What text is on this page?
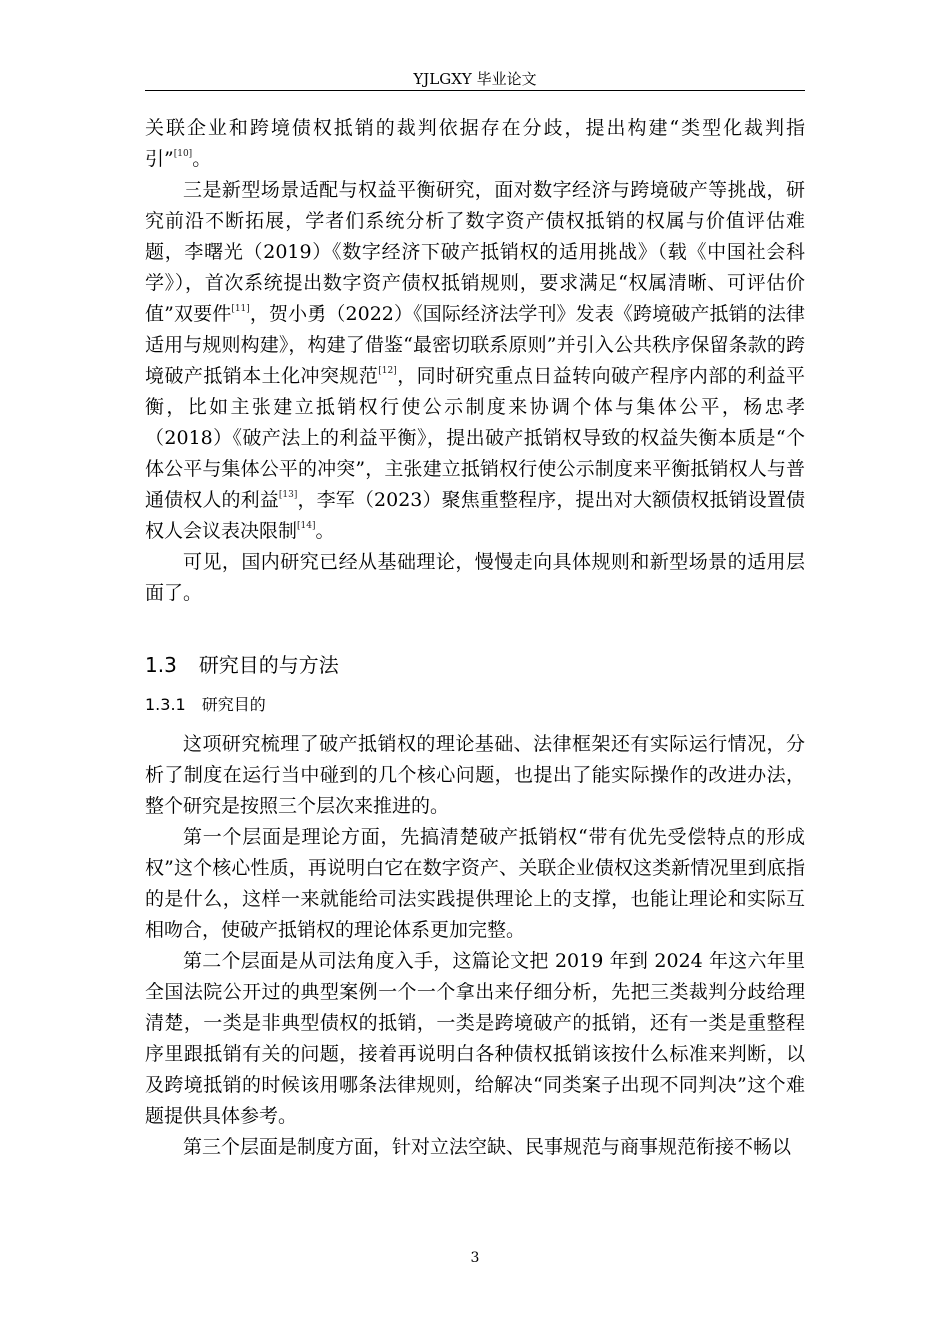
YJLGXY 毕业论文

关联企业和跨境债权抵销的裁判依据存在分歧，提出构建“类型化裁判指引”[10]。

三是新型场景适配与权益平衡研究，面对数字经济与跨境破产等挑战，研究前沿不断拓展，学者们系统分析了数字资产债权抵销的权属与价值评估难题，李曙光（2019）《数字经济下破产抵销权的适用挑战》（载《中国社会科学》），首次系统提出数字资产债权抵销规则，要求满足“权属清晰、可评估价值”双要件[11]，贺小勇（2022）《国际经济法学刊》发表《跨境破产抵销的法律适用与规则构建》，构建了借鉴“最密切联系原则”并引入公共秩序保留条款的跨境破产抵销本土化冲突规范[12]，同时研究重点日益转向破产程序内部的利益平衡，比如主张建立抵销权行使公示制度来协调个体与集体公平，杨忠孝（2018）《破产法上的利益平衡》，提出破产抵销权导致的权益失衡本质是“个体公平与集体公平的冲突”，主张建立抵销权行使公示制度来平衡抵销权人与普通债权人的利益[13]，李军（2023）聚焦重整程序，提出对大额债权抵销设置债权人会议表决限制[14]。

可见，国内研究已经从基础理论，慢慢走向具体规则和新型场景的适用层面了。

1.3 研究目的与方法
1.3.1 研究目的

这项研究梳理了破产抵销权的理论基础、法律框架还有实际运行情况，分析了制度在运行当中碰到的几个核心问题，也提出了能实际操作的改进办法，整个研究是按照三个层次来推进的。

第一个层面是理论方面，先搞清楚破产抵销权“带有优先受偿特点的形成权”这个核心性质，再说明白它在数字资产、关联企业债权这类新情况里到底指的是什么，这样一来就能给司法实践提供理论上的支撑，也能让理论和实际互相吻合，使破产抵销权的理论体系更加完整。

第二个层面是从司法角度入手，这篇论文把 2019 年到 2024 年这六年里全国法院公开过的典型案例一个一个拿出来仔细分析，先把三类裁判分歧给理清楚，一类是非典型债权的抵销，一类是跨境破产的抵销，还有一类是重整程序里跟抵销有关的问题，接着再说明白各种债权抵销该按什么标准来判断，以及跨境抵销的时候该用哪条法律规则，给解决“同类案子出现不同判决”这个难题提供具体参考。

第三个层面是制度方面，针对立法空缺、民事规范与商事规范衔接不畅以

3
